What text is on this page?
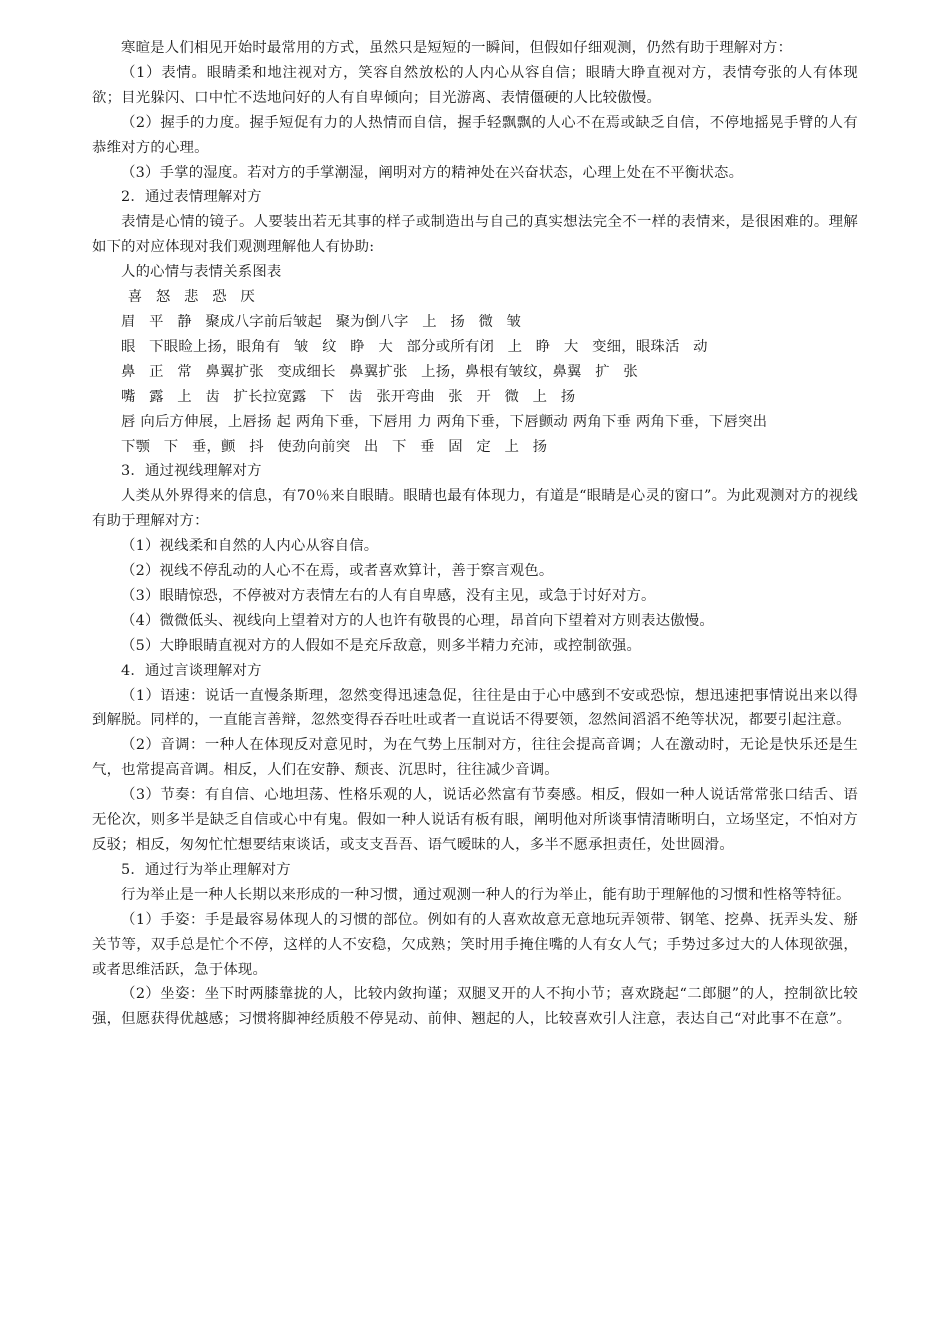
寒暄是人们相见开始时最常用的方式，虽然只是短短的一瞬间，但假如仔细观测，仍然有助于理解对方：

（1）表情。眼睛柔和地注视对方，笑容自然放松的人内心从容自信；眼睛大睁直视对方，表情夸张的人有体现欲；目光躲闪、口中忙不迭地问好的人有自卑倾向；目光游离、表情僵硬的人比较傲慢。

（2）握手的力度。握手短促有力的人热情而自信，握手轻飘飘的人心不在焉或缺乏自信，不停地摇晃手臂的人有恭维对方的心理。

（3）手掌的湿度。若对方的手掌潮湿，阐明对方的精神处在兴奋状态，心理上处在不平衡状态。

2．通过表情理解对方

表情是心情的镜子。人要装出若无其事的样子或制造出与自己的真实想法完全不一样的表情来，是很困难的。理解如下的对应体现对我们观测理解他人有协助:

人的心情与表情关系图表

喜  怒  悲  恐  厌

眉  平  静  聚成八字前后皱起  聚为倒八字  上  扬  微  皱

眼  下眼睑上扬，眼角有  皱  纹  睁  大  部分或所有闭  上  睁  大  变细，眼珠活  动

鼻  正  常  鼻翼扩张  变成细长  鼻翼扩张  上扬，鼻根有皱纹，鼻翼  扩  张

嘴  露  上  齿  扩长拉宽露  下  齿  张开弯曲  张  开  微  上  扬

唇 向后方伸展，上唇扬 起 两角下垂，下唇用 力 两角下垂，下唇颤动 两角下垂 两角下垂，下唇突出

下颚  下  垂，颤  抖  使劲向前突  出  下  垂  固  定  上  扬

3．通过视线理解对方

人类从外界得来的信息，有70％来自眼睛。眼睛也最有体现力，有道是“眼睛是心灵的窗口”。为此观测对方的视线有助于理解对方：

（1）视线柔和自然的人内心从容自信。

（2）视线不停乱动的人心不在焉，或者喜欢算计，善于察言观色。

（3）眼睛惊恐，不停被对方表情左右的人有自卑感，没有主见，或急于讨好对方。

（4）微微低头、视线向上望着对方的人也许有敬畏的心理，昂首向下望着对方则表达傲慢。

（5）大睁眼睛直视对方的人假如不是充斥敌意，则多半精力充沛，或控制欲强。

4．通过言谈理解对方

（1）语速：说话一直慢条斯理，忽然变得迅速急促，往往是由于心中感到不安或恐惊，想迅速把事情说出来以得到解脱。同样的，一直能言善辩，忽然变得吞吞吐吐或者一直说话不得要领，忽然间滔滔不绝等状况，都要引起注意。

（2）音调：一种人在体现反对意见时，为在气势上压制对方，往往会提高音调；人在激动时，无论是快乐还是生气，也常提高音调。相反，人们在安静、颓丧、沉思时，往往减少音调。

（3）节奏：有自信、心地坦荡、性格乐观的人，说话必然富有节奏感。相反，假如一种人说话常常张口结舌、语无伦次，则多半是缺乏自信或心中有鬼。假如一种人说话有板有眼，阐明他对所谈事情清晰明白，立场坚定，不怕对方反驳；相反，匆匆忙忙想要结束谈话，或支支吾吾、语气暧昧的人，多半不愿承担责任，处世圆滑。

5．通过行为举止理解对方

行为举止是一种人长期以来形成的一种习惯，通过观测一种人的行为举止，能有助于理解他的习惯和性格等特征。

（1）手姿：手是最容易体现人的习惯的部位。例如有的人喜欢故意无意地玩弄领带、钢笔、挖鼻、抚弄头发、掰关节等，双手总是忙个不停，这样的人不安稳，欠成熟；笑时用手掩住嘴的人有女人气；手势过多过大的人体现欲强，或者思维活跃，急于体现。

（2）坐姿：坐下时两膝靠拢的人，比较内敛拘谨；双腿叉开的人不拘小节；喜欢跷起“二郎腿”的人，控制欲比较强，但愿获得优越感；习惯将脚神经质般不停晃动、前伸、翘起的人，比较喜欢引人注意，表达自己“对此事不在意”。
